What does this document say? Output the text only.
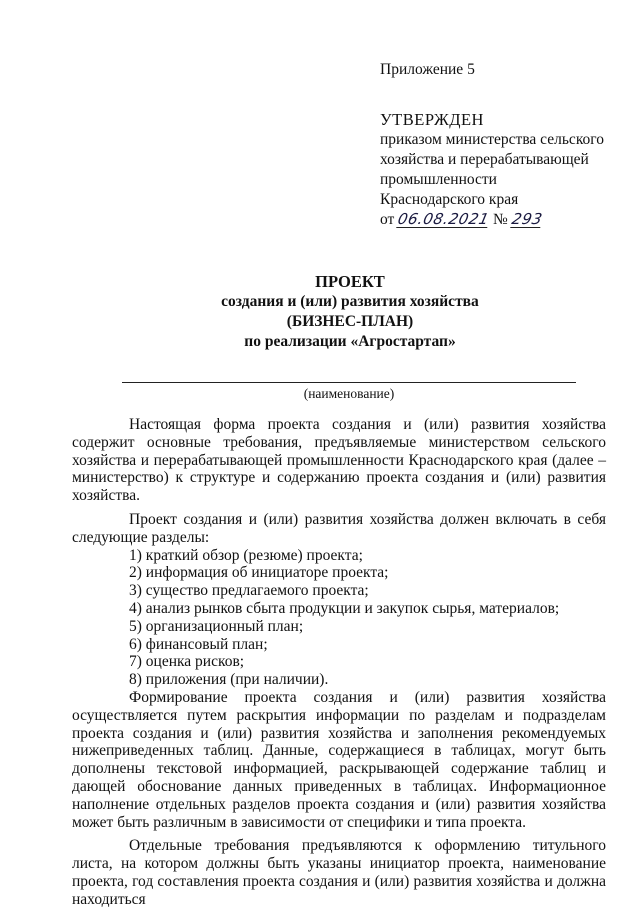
Приложение 5
УТВЕРЖДЕН
приказом министерства сельского
хозяйства и перерабатывающей
промышленности
Краснодарского края
от 06.08.2021 № 293
ПРОЕКТ
создания и (или) развития хозяйства
(БИЗНЕС-ПЛАН)
по реализации «Агростартап»
(наименование)

Настоящая форма проекта создания и (или) развития хозяйства содержит основные требования, предъявляемые министерством сельского хозяйства и перерабатывающей промышленности Краснодарского края (далее – министерство) к структуре и содержанию проекта создания и (или) развития хозяйства.

Проект создания и (или) развития хозяйства должен включать в себя следующие разделы:

1) краткий обзор (резюме) проекта;

2) информация об инициаторе проекта;

3) существо предлагаемого проекта;

4) анализ рынков сбыта продукции и закупок сырья, материалов;

5) организационный план;

6) финансовый план;

7) оценка рисков;

8) приложения (при наличии).

Формирование проекта создания и (или) развития хозяйства осуществляется путем раскрытия информации по разделам и подразделам проекта создания и (или) развития хозяйства и заполнения рекомендуемых нижеприведенных таблиц. Данные, содержащиеся в таблицах, могут быть дополнены текстовой информацией, раскрывающей содержание таблиц и дающей обоснование данных приведенных в таблицах. Информационное наполнение отдельных разделов проекта создания и (или) развития хозяйства может быть различным в зависимости от специфики и типа проекта.

Отдельные требования предъявляются к оформлению титульного листа, на котором должны быть указаны инициатор проекта, наименование проекта, год составления проекта создания и (или) развития хозяйства и должна находиться
